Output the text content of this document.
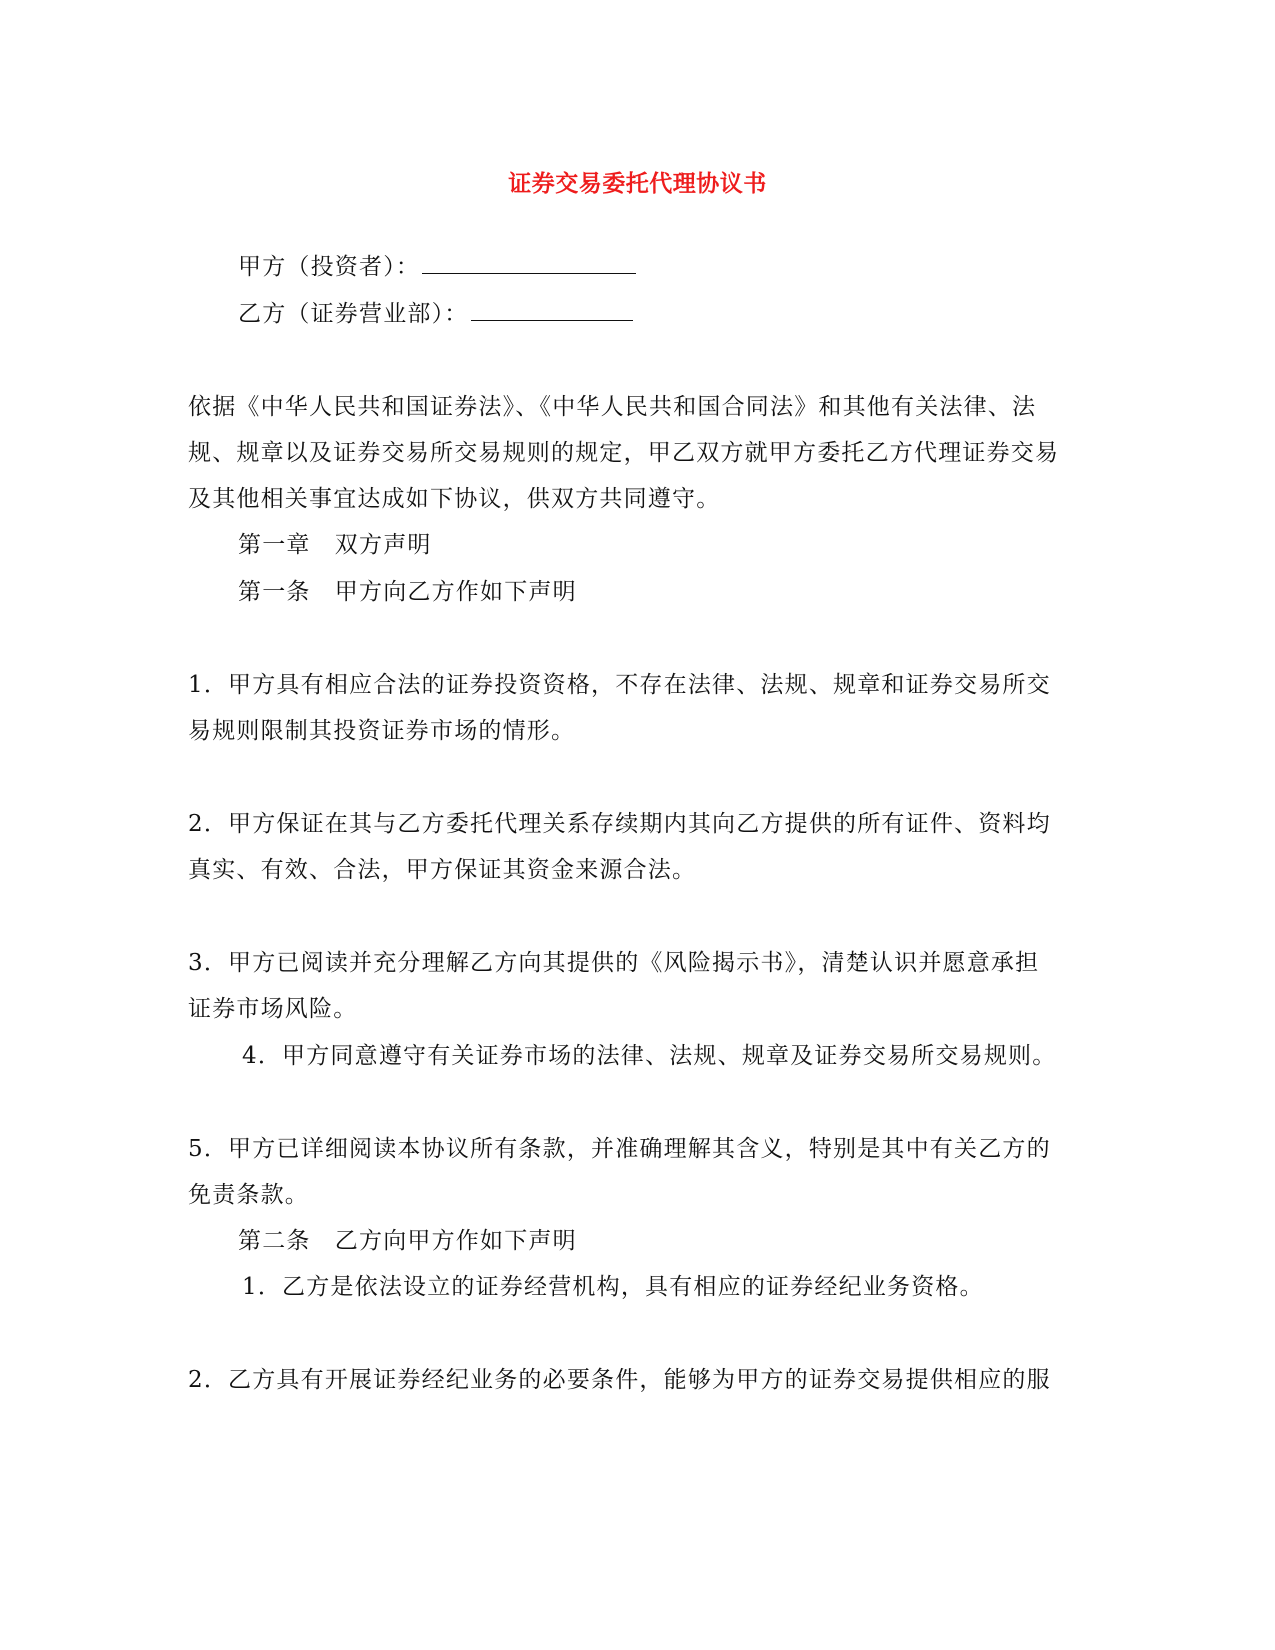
证券交易委托代理协议书
甲方（投资者）：
乙方（证券营业部）：
依据《中华人民共和国证券法》、《中华人民共和国合同法》和其他有关法律、法
规、规章以及证券交易所交易规则的规定，甲乙双方就甲方委托乙方代理证券交易
及其他相关事宜达成如下协议，供双方共同遵守。
第一章　双方声明
第一条　甲方向乙方作如下声明
1．甲方具有相应合法的证券投资资格，不存在法律、法规、规章和证券交易所交
易规则限制其投资证券市场的情形。
2．甲方保证在其与乙方委托代理关系存续期内其向乙方提供的所有证件、资料均
真实、有效、合法，甲方保证其资金来源合法。
3．甲方已阅读并充分理解乙方向其提供的《风险揭示书》，清楚认识并愿意承担
证券市场风险。
4．甲方同意遵守有关证券市场的法律、法规、规章及证券交易所交易规则。
5．甲方已详细阅读本协议所有条款，并准确理解其含义，特别是其中有关乙方的
免责条款。
第二条　乙方向甲方作如下声明
1．乙方是依法设立的证券经营机构，具有相应的证券经纪业务资格。
2．乙方具有开展证券经纪业务的必要条件，能够为甲方的证券交易提供相应的服
